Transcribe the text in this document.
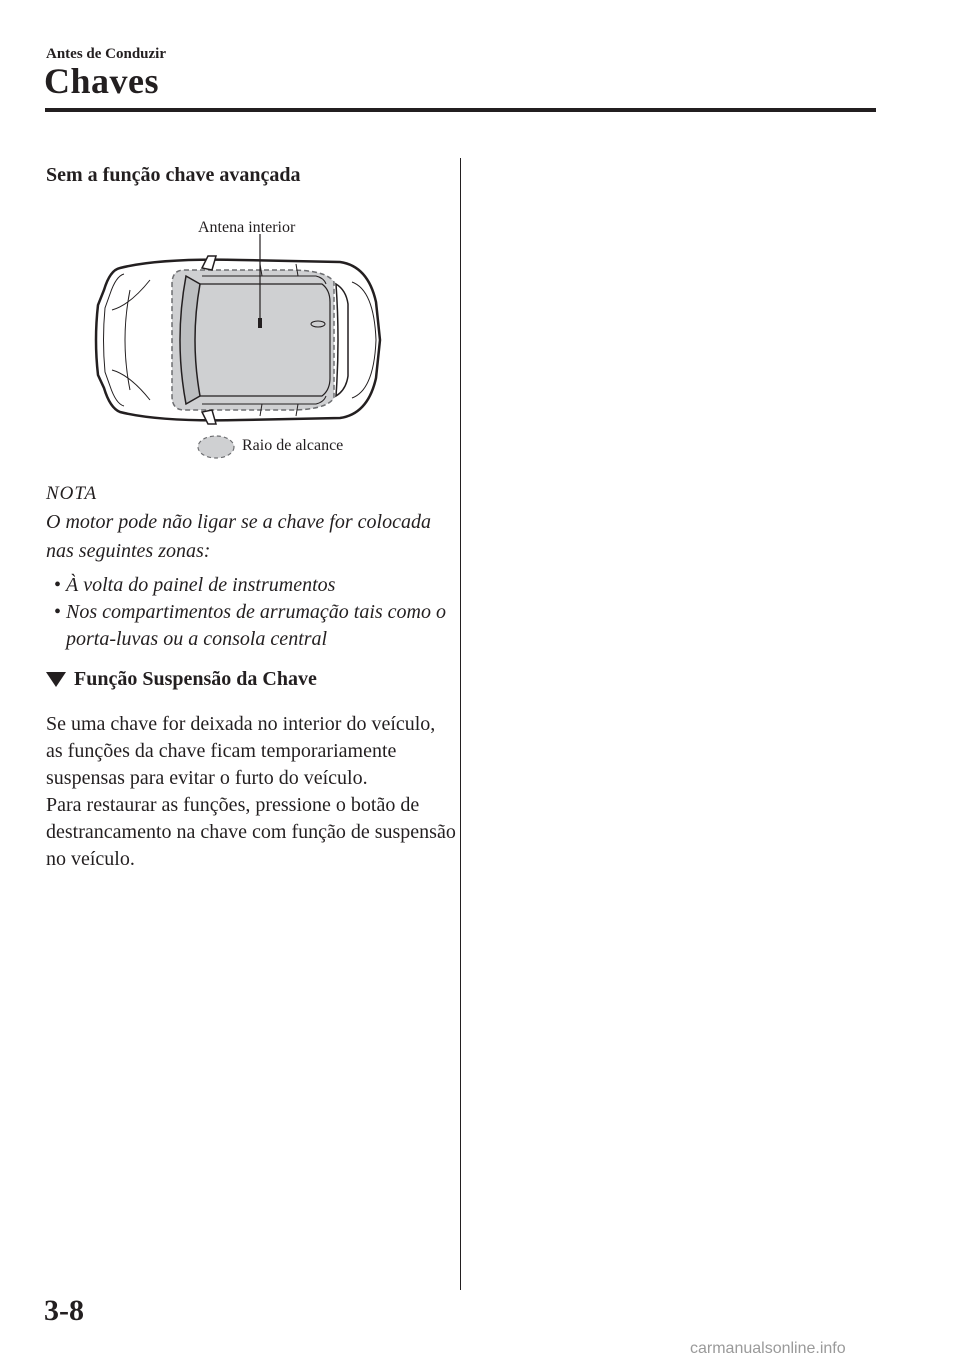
Antes de Conduzir
Chaves
Sem a função chave avançada
Antena interior
Raio de alcance
NOTA
O motor pode não ligar se a chave for colocada nas seguintes zonas:
• À volta do painel de instrumentos
• Nos compartimentos de arrumação tais como o porta-luvas ou a consola central
Função Suspensão da Chave
Se uma chave for deixada no interior do veículo, as funções da chave ficam temporariamente suspensas para evitar o furto do veículo.
Para restaurar as funções, pressione o botão de destrancamento na chave com função de suspensão no veículo.
3-8
carmanualsonline.info
